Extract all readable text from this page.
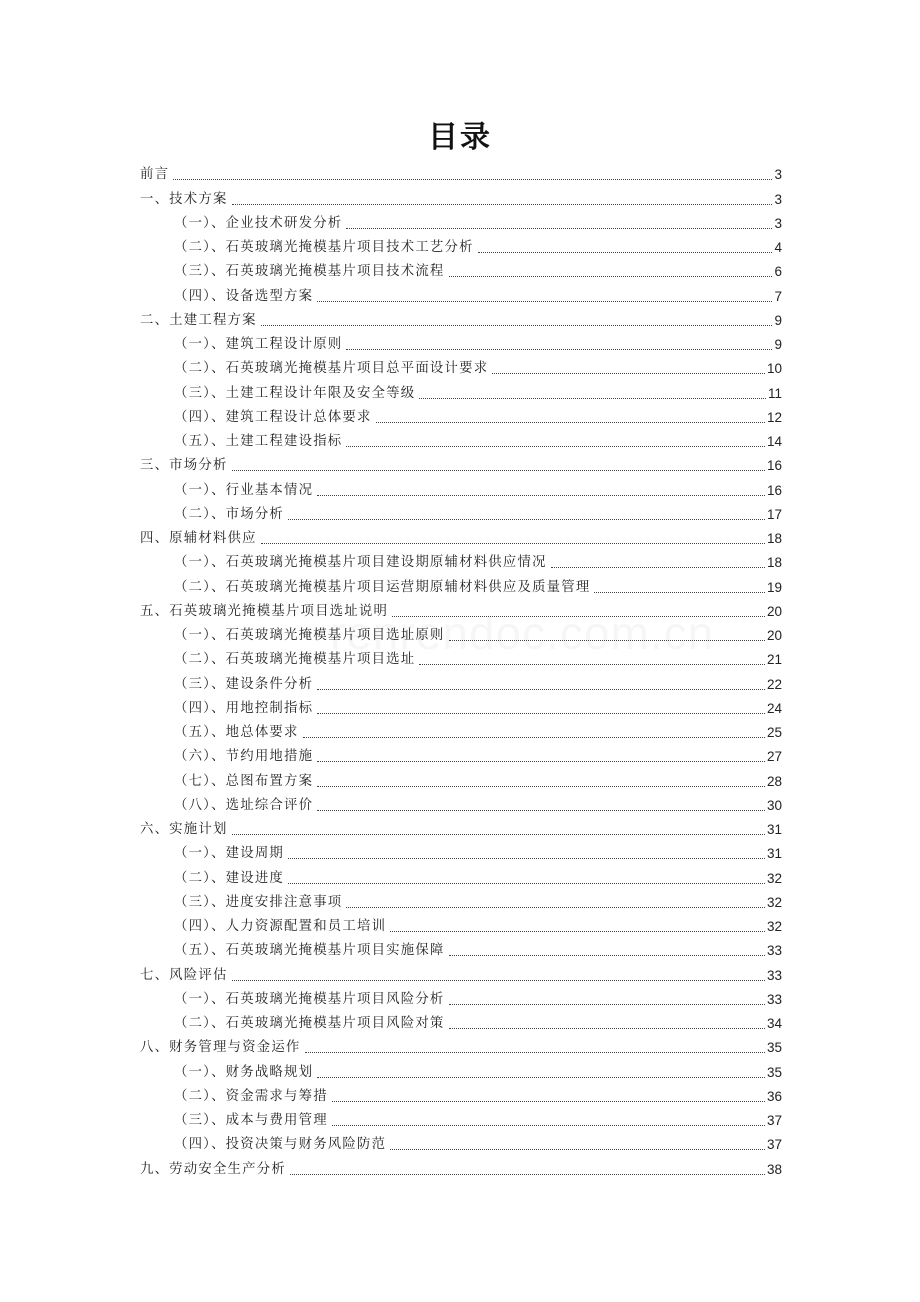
目录
前言	3
一、技术方案	3
（一）、企业技术研发分析	3
（二）、石英玻璃光掩模基片项目技术工艺分析	4
（三）、石英玻璃光掩模基片项目技术流程	6
（四）、设备选型方案	7
二、土建工程方案	9
（一）、建筑工程设计原则	9
（二）、石英玻璃光掩模基片项目总平面设计要求	10
（三）、土建工程设计年限及安全等级	11
（四）、建筑工程设计总体要求	12
（五）、土建工程建设指标	14
三、市场分析	16
（一）、行业基本情况	16
（二）、市场分析	17
四、原辅材料供应	18
（一）、石英玻璃光掩模基片项目建设期原辅材料供应情况	18
（二）、石英玻璃光掩模基片项目运营期原辅材料供应及质量管理	19
五、石英玻璃光掩模基片项目选址说明	20
（一）、石英玻璃光掩模基片项目选址原则	20
（二）、石英玻璃光掩模基片项目选址	21
（三）、建设条件分析	22
（四）、用地控制指标	24
（五）、地总体要求	25
（六）、节约用地措施	27
（七）、总图布置方案	28
（八）、选址综合评价	30
六、实施计划	31
（一）、建设周期	31
（二）、建设进度	32
（三）、进度安排注意事项	32
（四）、人力资源配置和员工培训	32
（五）、石英玻璃光掩模基片项目实施保障	33
七、风险评估	33
（一）、石英玻璃光掩模基片项目风险分析	33
（二）、石英玻璃光掩模基片项目风险对策	34
八、财务管理与资金运作	35
（一）、财务战略规划	35
（二）、资金需求与筹措	36
（三）、成本与费用管理	37
（四）、投资决策与财务风险防范	37
九、劳动安全生产分析	38
